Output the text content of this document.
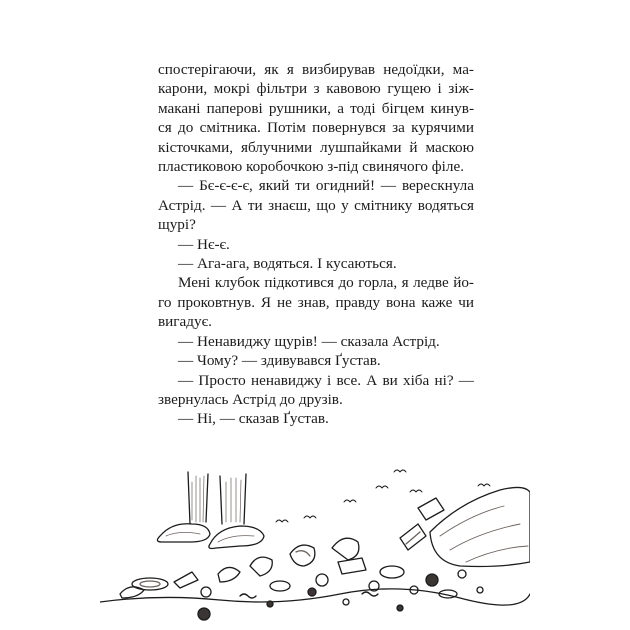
спостерігаючи, як я визбирував недоїдки, ма-
карони, мокрі фільтри з кавовою гущею і зіж-
макані паперові рушники, а тоді бігцем кинув-
ся до смітника. Потім повернувся за курячими
кісточками, яблучними лушпайками й маскою
пластиковою коробочкою з-під свинячого філе.

— Бє-є-є-є, який ти огидний! — верескнула
Астрід. — А ти знаєш, що у смітнику водяться
щурі?

— Нє-є.

— Ага-ага, водяться. І кусаються.

Мені клубок підкотився до горла, я ледве йо-
го проковтнув. Я не знав, правду вона каже чи
вигадує.

— Ненавиджу щурів! — сказала Астрід.

— Чому? — здивувався Ґустав.

— Просто ненавиджу і все. А ви хіба ні? —
звернулась Астрід до друзів.

— Ні, — сказав Ґустав.
